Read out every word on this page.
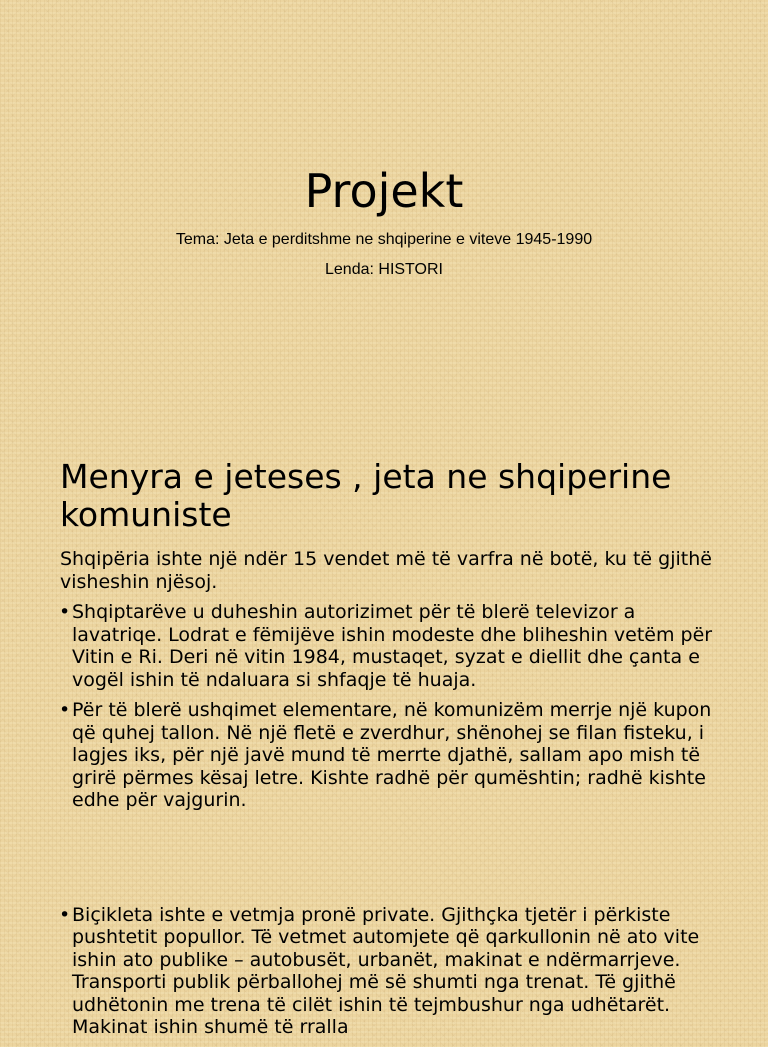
Projekt
Tema: Jeta e perditshme ne shqiperine e viteve 1945-1990
Lenda: HISTORI
Menyra e jeteses , jeta ne shqiperine komuniste

Shqipëria ishte një ndër 15 vendet më të varfra në botë, ku të gjithë visheshin njësoj.

• Shqiptarëve u duheshin autorizimet për të blerë televizor a lavatriqe. Lodrat e fëmijëve ishin modeste dhe bliheshin vetëm për Vitin e Ri. Deri në vitin 1984, mustaqet, syzat e diellit dhe çanta e vogël ishin të ndaluara si shfaqje të huaja.
• Për të blerë ushqimet elementare, në komunizëm merrje një kupon që quhej tallon. Në një fletë e zverdhur, shënohej se filan fisteku, i lagjes iks, për një javë mund të merrte djathë, sallam apo mish të grirë përmes kësaj letre. Kishte radhë për qumështin; radhë kishte edhe për vajgurin.
• Biçikleta ishte e vetmja pronë private. Gjithçka tjetër i përkiste pushtetit popullor. Të vetmet automjete që qarkullonin në ato vite ishin ato publike – autobusët, urbanët, makinat e ndërmarrjeve. Transporti publik përballohej më së shumti nga trenat. Të gjithë udhëtonin me trena të cilët ishin të tejmbushur nga udhëtarët. Makinat ishin shumë të rralla
